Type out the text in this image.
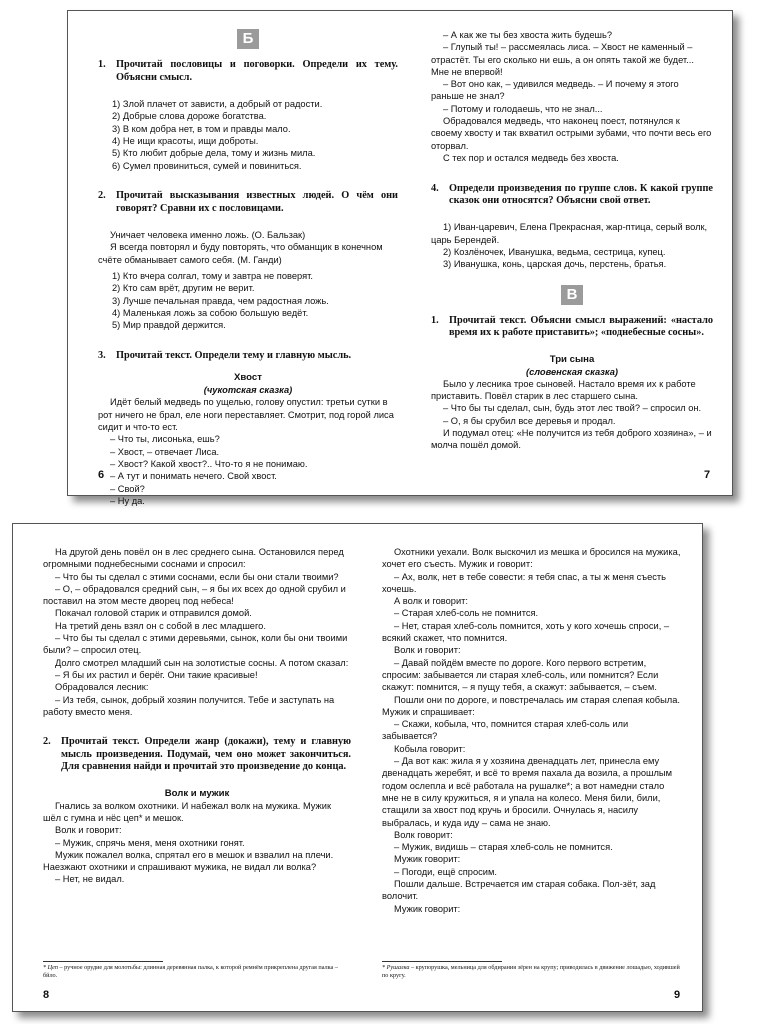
Б
1. Прочитай пословицы и поговорки. Определи их тему. Объясни смысл.

1) Злой плачет от зависти, а добрый от радости.

2) Добрые слова дороже богатства.

3) В ком добра нет, в том и правды мало.

4) Не ищи красоты, ищи доброты.

5) Кто любит добрые дела, тому и жизнь мила.

6) Сумел провиниться, сумей и повиниться.

2. Прочитай высказывания известных людей. О чём они говорят? Сравни их с пословицами.

Уничает человека именно ложь. (О. Бальзак)

Я всегда повторял и буду повторять, что обманщик в конечном счёте обманывает самого себя. (М. Ганди)

1) Кто вчера солгал, тому и завтра не поверят.

2) Кто сам врёт, другим не верит.

3) Лучше печальная правда, чем радостная ложь.

4) Маленькая ложь за собою большую ведёт.

5) Мир правдой держится.

3. Прочитай текст. Определи тему и главную мысль.

Хвост

(чукотская сказка)

Идёт белый медведь по ущелью, голову опустил: третьи сутки в рот ничего не брал, еле ноги переставляет. Смотрит, под горой лиса сидит и что-то ест.

– Что ты, лисонька, ешь?

– Хвост, – отвечает Лиса.

– Хвост? Какой хвост?.. Что-то я не понимаю.

– А тут и понимать нечего. Свой хвост.

– Свой?

– Ну да.

6

– А как же ты без хвоста жить будешь?

– Глупый ты! – рассмеялась лиса. – Хвост не каменный – отрастёт. Ты его сколько ни ешь, а он опять такой же будет... Мне не впервой!

– Вот оно как, – удивился медведь. – И почему я этого раньше не знал?

– Потому и голодаешь, что не знал...

Обрадовался медведь, что наконец поест, потянулся к своему хвосту и так вхватил острыми зубами, что почти весь его оторвал.

С тех пор и остался медведь без хвоста.

4. Определи произведения по группе слов. К какой группе сказок они относятся? Объясни свой ответ.

1) Иван-царевич, Елена Прекрасная, жар-птица, серый волк, царь Берендей.

2) Козлёночек, Иванушка, ведьма, сестрица, купец.

3) Иванушка, конь, царская дочь, перстень, братья.

В
1. Прочитай текст. Объясни смысл выражений: «настало время их к работе приставить»; «поднебесные сосны».

Три сына

(словенская сказка)

Было у лесника трое сыновей. Настало время их к работе приставить. Повёл старик в лес старшего сына.

– Что бы ты сделал, сын, будь этот лес твой? – спросил он.

– О, я бы срубил все деревья и продал.

И подумал отец: «Не получится из тебя доброго хозяина», – и молча пошёл домой.

7

На другой день повёл он в лес среднего сына. Остановился перед огромными поднебесными соснами и спросил:

– Что бы ты сделал с этими соснами, если бы они стали твоими?

– О, – обрадовался средний сын, – я бы их всех до одной срубил и поставил на этом месте дворец под небеса!

Покачал головой старик и отправился домой.

На третий день взял он с собой в лес младшего.

– Что бы ты сделал с этими деревьями, сынок, коли бы они твоими были? – спросил отец.

Долго смотрел младший сын на золотистые сосны. А потом сказал:

– Я бы их растил и берёг. Они такие красивые!

Обрадовался лесник:

– Из тебя, сынок, добрый хозяин получится. Тебе и заступать на работу вместо меня.

2. Прочитай текст. Определи жанр (докажи), тему и главную мысль произведения. Подумай, чем оно может закончиться. Для сравнения найди и прочитай это произведение до конца.

Волк и мужик

Гнались за волком охотники. И набежал волк на мужика. Мужик шёл с гумна и нёс цеп* и мешок.

Волк и говорит:

– Мужик, спрячь меня, меня охотники гонят.

Мужик пожалел волка, спрятал его в мешок и взвалил на плечи. Наезжают охотники и спрашивают мужика, не видал ли волка?

– Нет, не видал.

* Цеп – ручное орудие для молотьбы: длинная деревянная палка, к которой ремнём прикреплена другая палка – бйло.

8

Охотники уехали. Волк выскочил из мешка и бросился на мужика, хочет его съесть. Мужик и говорит:

– Ах, волк, нет в тебе совести: я тебя спас, а ты ж меня съесть хочешь.

А волк и говорит:

– Старая хлеб-соль не помнится.

– Нет, старая хлеб-соль помнится, хоть у кого хочешь спроси, – всякий скажет, что помнится.

Волк и говорит:

– Давай пойдём вместе по дороге. Кого первого встретим, спросим: забывается ли старая хлеб-соль, или помнится? Если скажут: помнится, – я пущу тебя, а скажут: забывается, – съем.

Пошли они по дороге, и повстречалась им старая слепая кобыла. Мужик и спрашивает:

– Скажи, кобыла, что, помнится старая хлеб-соль или забывается?

Кобыла говорит:

– Да вот как: жила я у хозяина двенадцать лет, принесла ему двенадцать жеребят, и всё то время пахала да возила, а прошлым годом ослепла и всё работала на рушалке*; а вот намедни стало мне не в силу кружиться, я и упала на колесо. Меня били, били, стащили за хвост под кручь и бросили. Очнулась я, насилу выбралась, и куда иду – сама не знаю.

Волк говорит:

– Мужик, видишь – старая хлеб-соль не помнится.

Мужик говорит:

– Погоди, ещё спросим.

Пошли дальше. Встречается им старая собака. Пол-зёт, зад волочит.

Мужик говорит:

* Рушалка – крупорушка, мельница для обдирания зёрен на крупу; приводилась в движение лошадью, ходившей по кругу.

9
